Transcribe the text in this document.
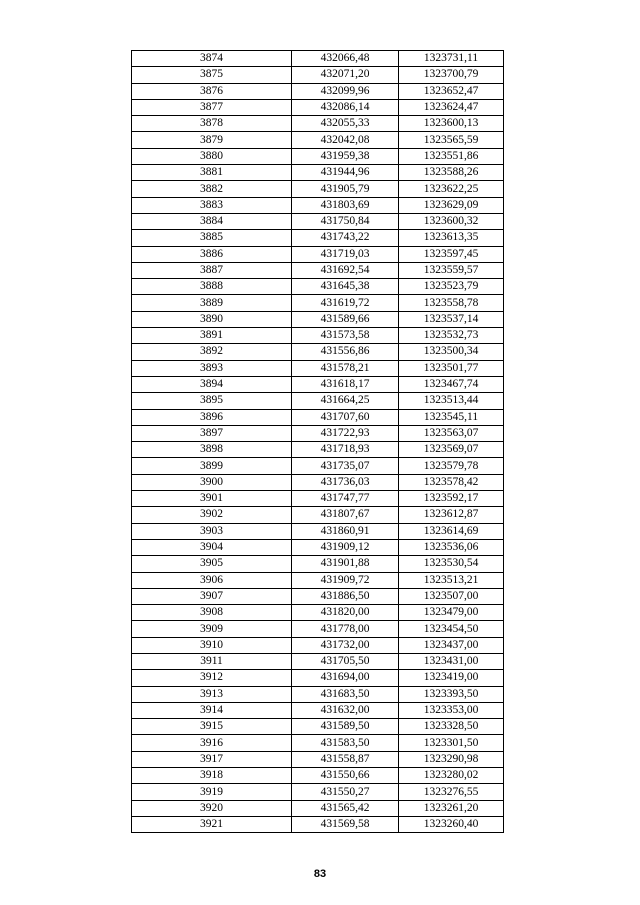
3874	432066,48	1323731,11
3875	432071,20	1323700,79
3876	432099,96	1323652,47
3877	432086,14	1323624,47
3878	432055,33	1323600,13
3879	432042,08	1323565,59
3880	431959,38	1323551,86
3881	431944,96	1323588,26
3882	431905,79	1323622,25
3883	431803,69	1323629,09
3884	431750,84	1323600,32
3885	431743,22	1323613,35
3886	431719,03	1323597,45
3887	431692,54	1323559,57
3888	431645,38	1323523,79
3889	431619,72	1323558,78
3890	431589,66	1323537,14
3891	431573,58	1323532,73
3892	431556,86	1323500,34
3893	431578,21	1323501,77
3894	431618,17	1323467,74
3895	431664,25	1323513,44
3896	431707,60	1323545,11
3897	431722,93	1323563,07
3898	431718,93	1323569,07
3899	431735,07	1323579,78
3900	431736,03	1323578,42
3901	431747,77	1323592,17
3902	431807,67	1323612,87
3903	431860,91	1323614,69
3904	431909,12	1323536,06
3905	431901,88	1323530,54
3906	431909,72	1323513,21
3907	431886,50	1323507,00
3908	431820,00	1323479,00
3909	431778,00	1323454,50
3910	431732,00	1323437,00
3911	431705,50	1323431,00
3912	431694,00	1323419,00
3913	431683,50	1323393,50
3914	431632,00	1323353,00
3915	431589,50	1323328,50
3916	431583,50	1323301,50
3917	431558,87	1323290,98
3918	431550,66	1323280,02
3919	431550,27	1323276,55
3920	431565,42	1323261,20
3921	431569,58	1323260,40
83
